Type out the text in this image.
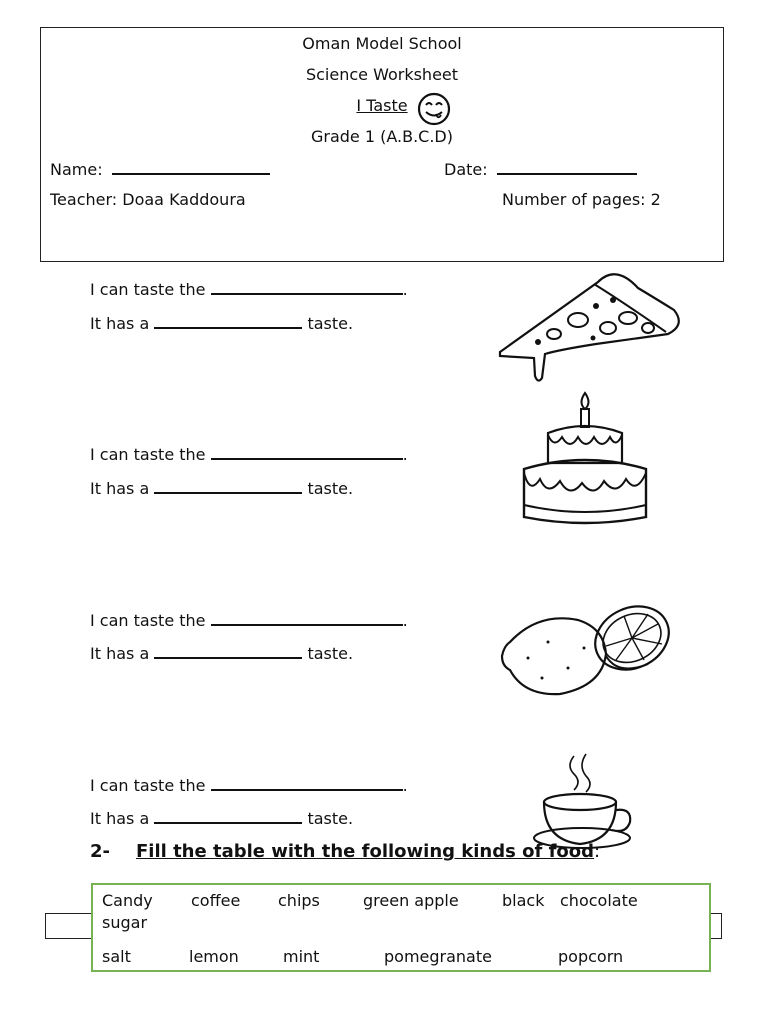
Oman Model School
Science Worksheet
I Taste
Grade 1 (A.B.C.D)
Name:	Date:
Teacher: Doaa Kaddoura	Number of pages: 2
I can taste the	.
It has a	taste.
I can taste the	.
It has a	taste.
I can taste the	.
It has a	taste.
I can taste the	.
It has a	taste.
2- Fill the table with the following kinds of food:
Candy coffee chips	green apple	black chocolate
sugar
salt	lemon	mint	pomegranate	popcorn
